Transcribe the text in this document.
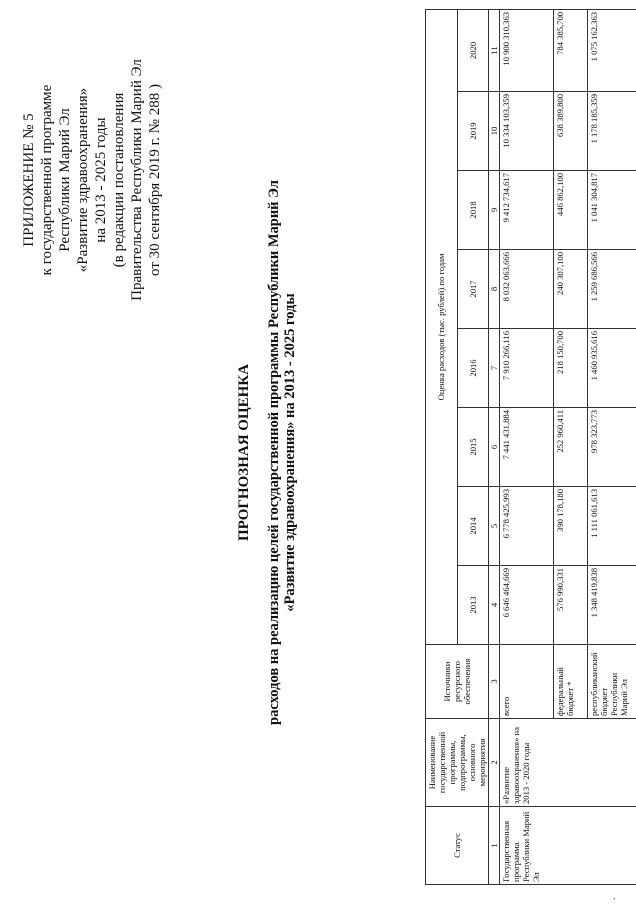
ПРИЛОЖЕНИЕ № 5 к государственной программе Республики Марий Эл «Развитие здравоохранения» на 2013 - 2025 годы (в редакции постановления Правительства Республики Марий Эл от 30 сентября 2019 г. № 288 )
ПРОГНОЗНАЯ ОЦЕНКА расходов на реализацию целей государственной программы Республики Марий Эл «Развитие здравоохранения» на 2013 - 2025 годы
Статус	Наименование государственной программы, подпрограммы, основного мероприятия	Источники ресурсного обеспечения	Оценка расходов (тыс. рублей) по годам							
			2013	2014	2015	2016	2017	2018	2019	2020
1	2	3	4	5	6	7	8	9	10	11
Государственная программа Республики Марий Эл	«Развитие здравоохранения» на 2013 - 2020 годы	всего	6 646 464,669	6 778 425,993	7 441 431,884	7 910 266,116	8 032 063,666	9 412 734,617	10 334 103,359	10 900 310,363
		федеральный бюджет *	576 990,331	390 178,180	252 960,411	218 150,700	240 307,100	446 862,100	638 389,800	784 385,700
		республиканский бюджет Республики Марий Эл	1 348 419,838	1 111 061,613	978 323,773	1 460 935,616	1 259 686,566	1 041 304,817	1 178 185,359	1 075 162,363
.
